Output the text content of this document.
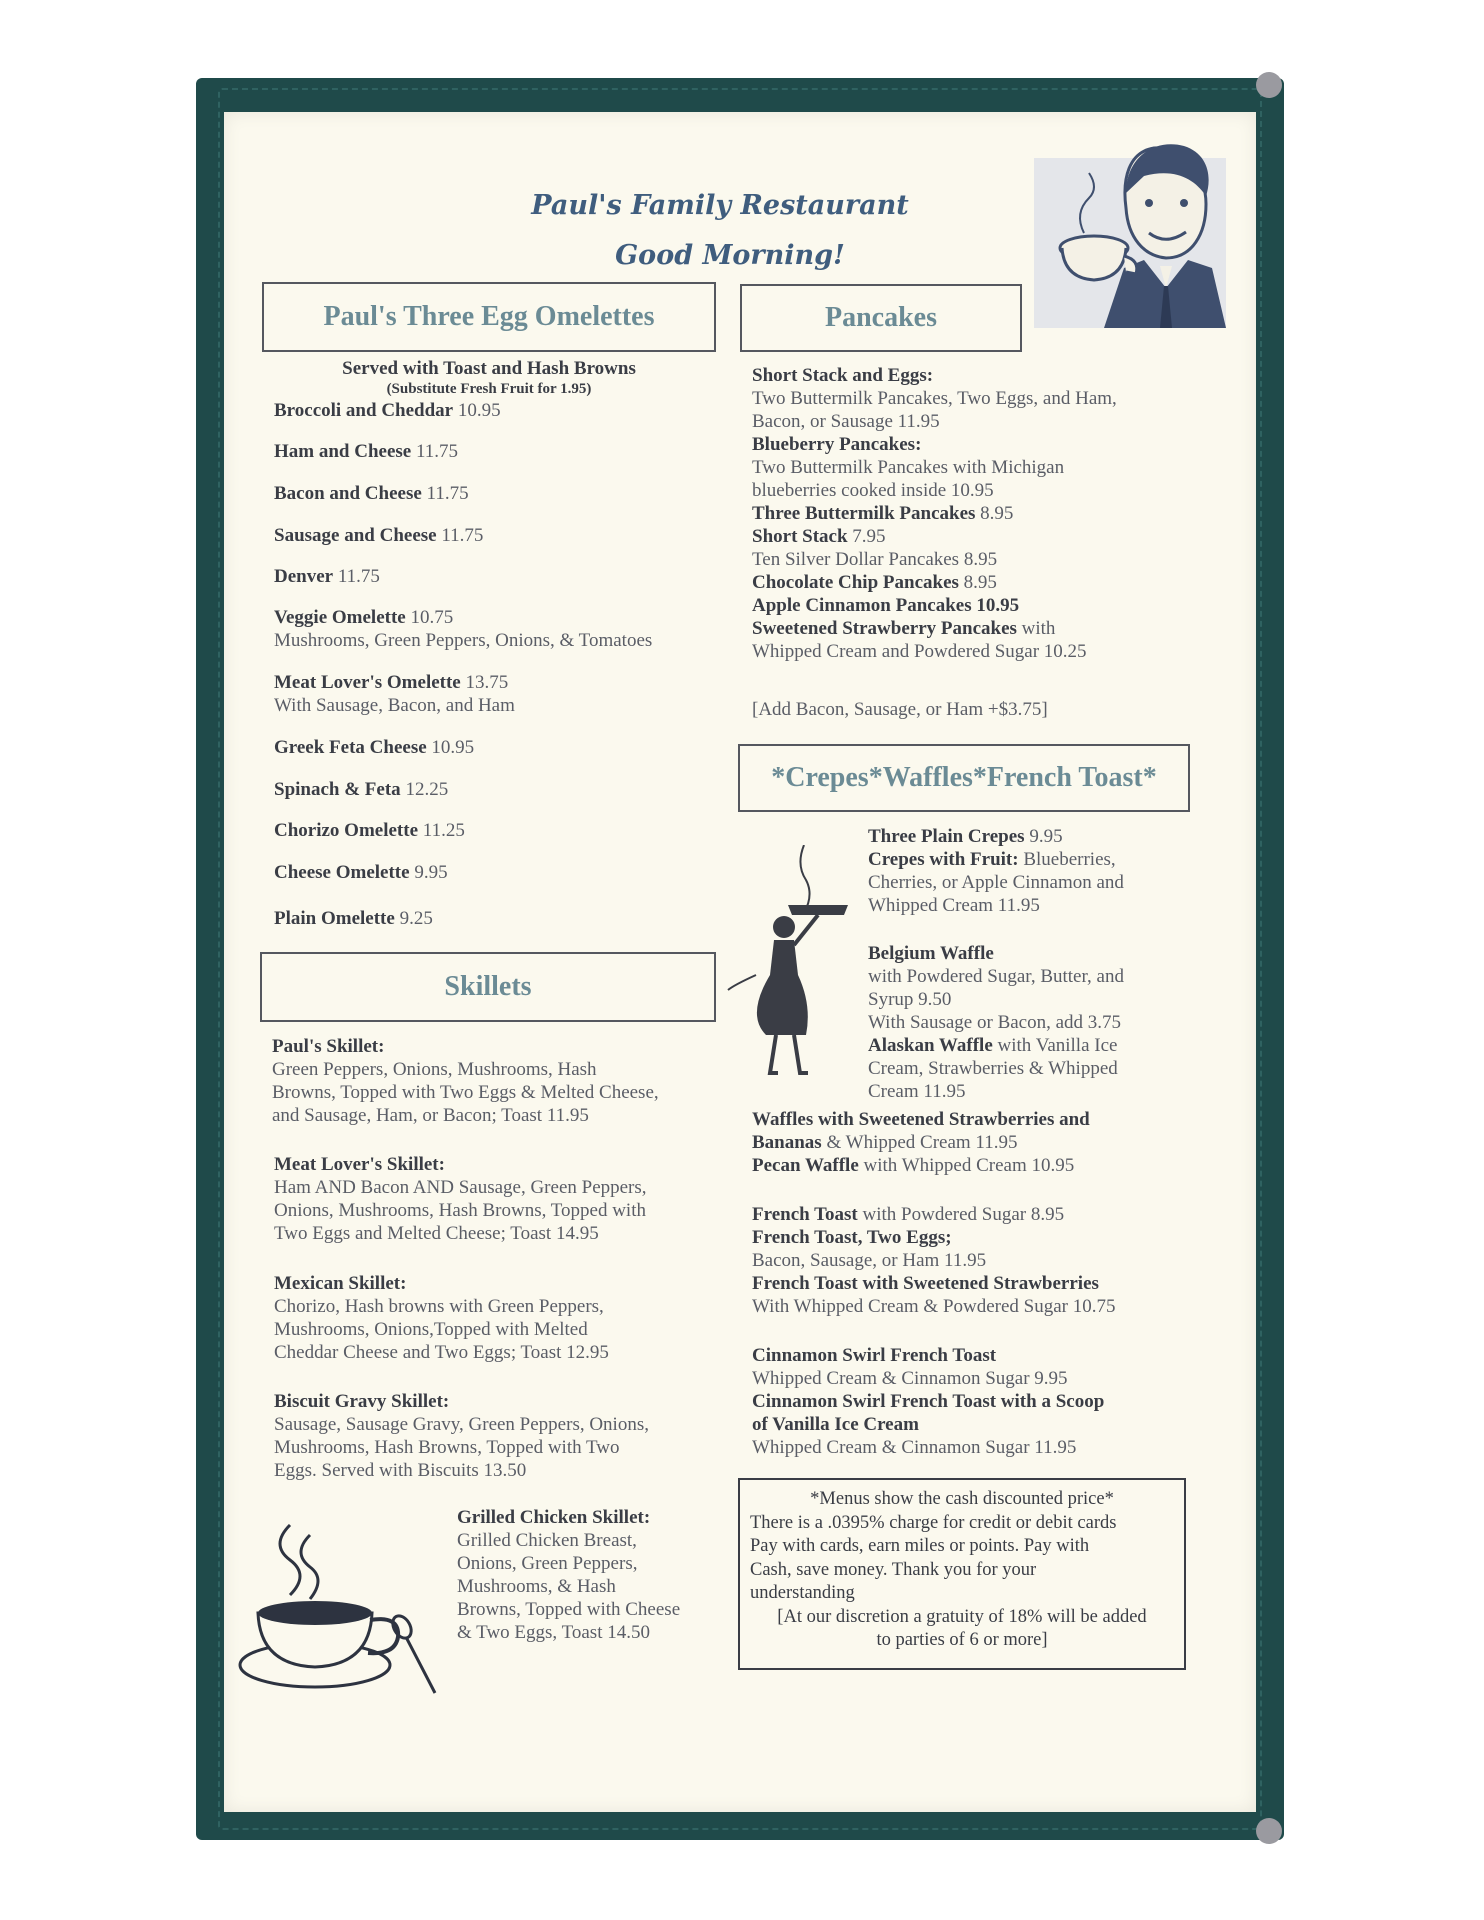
Paul's Family Restaurant
Good Morning!
Paul's Three Egg Omelettes
Served with Toast and Hash Browns
(Substitute Fresh Fruit for 1.95)
Broccoli and Cheddar 10.95
Ham and Cheese 11.75
Bacon and Cheese 11.75
Sausage and Cheese 11.75
Denver 11.75
Veggie Omelette 10.75
Mushrooms, Green Peppers, Onions, & Tomatoes
Meat Lover's Omelette 13.75
With Sausage, Bacon, and Ham
Greek Feta Cheese 10.95
Spinach & Feta 12.25
Chorizo Omelette 11.25
Cheese Omelette 9.95
Plain Omelette 9.25
Skillets
Paul's Skillet:
Green Peppers, Onions, Mushrooms, Hash
Browns, Topped with Two Eggs & Melted Cheese,
and Sausage, Ham, or Bacon; Toast 11.95
Meat Lover's Skillet:
Ham AND Bacon AND Sausage, Green Peppers,
Onions, Mushrooms, Hash Browns, Topped with
Two Eggs and Melted Cheese; Toast 14.95
Mexican Skillet:
Chorizo, Hash browns with Green Peppers,
Mushrooms, Onions,Topped with Melted
Cheddar Cheese and Two Eggs; Toast 12.95
Biscuit Gravy Skillet:
Sausage, Sausage Gravy, Green Peppers, Onions,
Mushrooms, Hash Browns, Topped with Two
Eggs. Served with Biscuits 13.50
Grilled Chicken Skillet:
Grilled Chicken Breast,
Onions, Green Peppers,
Mushrooms, & Hash
Browns, Topped with Cheese
& Two Eggs, Toast 14.50
Pancakes
Short Stack and Eggs:
Two Buttermilk Pancakes, Two Eggs, and Ham,
Bacon, or Sausage 11.95
Blueberry Pancakes:
Two Buttermilk Pancakes with Michigan
blueberries cooked inside 10.95
Three Buttermilk Pancakes 8.95
Short Stack 7.95
Ten Silver Dollar Pancakes 8.95
Chocolate Chip Pancakes 8.95
Apple Cinnamon Pancakes 10.95
Sweetened Strawberry Pancakes with
Whipped Cream and Powdered Sugar 10.25
[Add Bacon, Sausage, or Ham +$3.75]
*Crepes*Waffles*French Toast*
Three Plain Crepes 9.95
Crepes with Fruit: Blueberries,
Cherries, or Apple Cinnamon and
Whipped Cream 11.95
Belgium Waffle
with Powdered Sugar, Butter, and
Syrup 9.50
With Sausage or Bacon, add 3.75
Alaskan Waffle with Vanilla Ice
Cream, Strawberries & Whipped
Cream 11.95
Waffles with Sweetened Strawberries and
Bananas & Whipped Cream 11.95
Pecan Waffle with Whipped Cream 10.95
French Toast with Powdered Sugar 8.95
French Toast, Two Eggs;
Bacon, Sausage, or Ham 11.95
French Toast with Sweetened Strawberries
With Whipped Cream & Powdered Sugar 10.75
Cinnamon Swirl French Toast
Whipped Cream & Cinnamon Sugar 9.95
Cinnamon Swirl French Toast with a Scoop
of Vanilla Ice Cream
Whipped Cream & Cinnamon Sugar 11.95
*Menus show the cash discounted price*
There is a .0395% charge for credit or debit cards
Pay with cards, earn miles or points. Pay with
Cash, save money. Thank you for your
understanding
[At our discretion a gratuity of 18% will be added
to parties of 6 or more]
